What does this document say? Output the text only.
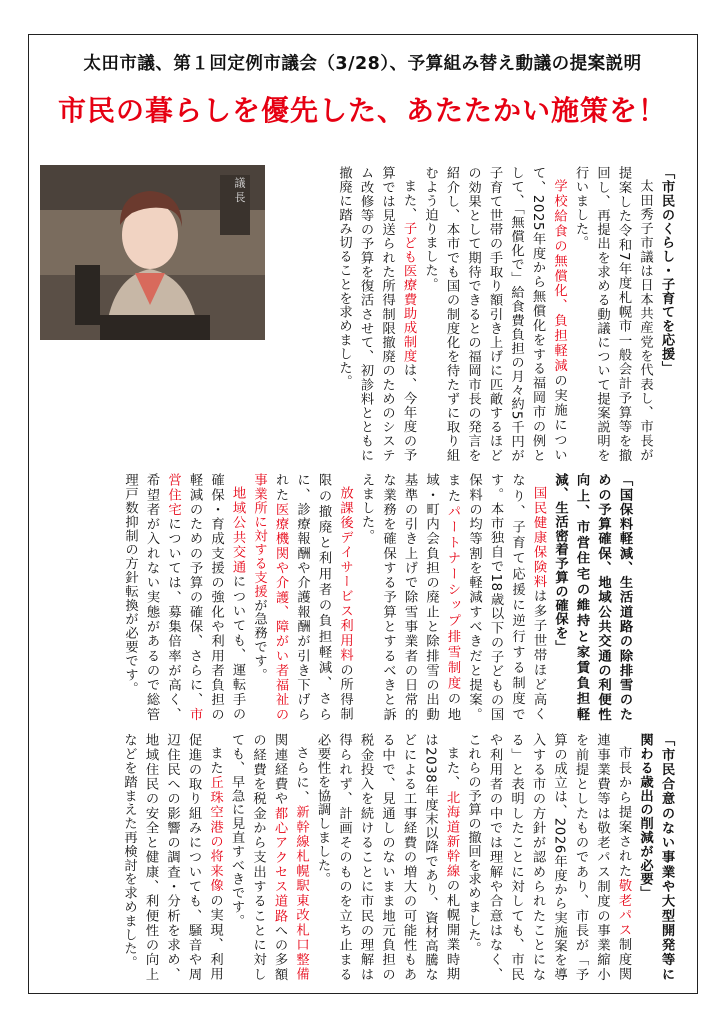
太田市議、第１回定例市議会（3/28）、予算組み替え動議の提案説明
市民の暮らしを優先した、あたたかい施策を！
議 長	「市民のくらし・子育てを応援」

太田秀子市議は日本共産党を代表し、市長が提案した令和7年度札幌市一般会計予算等を撤回し、再提出を求める動議について提案説明を行いました。

学校給食の無償化、負担軽減の実施について、2025年度から無償化をする福岡市の例として、「無償化で」給食費負担の月々約5千円が子育て世帯の手取り額引き上げに匹敵するほどの効果として期待できるとの福岡市長の発言を紹介し、本市でも国の制度化を待たずに取り組むよう迫りました。

また、子ども医療費助成制度は、今年度の予算では見送られた所得制限撤廃のためのシステム改修等の予算を復活させて、初診料とともに撤廃に踏み切ることを求めました。

「国保料軽減、生活道路の除排雪のための予算確保、地域公共交通の利便性向上、市営住宅の維持と家賃負担軽減、生活密着予算の確保を」

国民健康保険料は多子世帯ほど高くなり、子育て応援に逆行する制度です。本市独自で18歳以下の子どもの国保料の均等割を軽減すべきだと提案。またパートナーシップ排雪制度の地域・町内会負担の廃止と除排雪の出動基準の引き上げで除雪事業者の日常的な業務を確保する予算とするべきと訴えました。

放課後デイサービス利用料の所得制限の撤廃と利用者の負担軽減、さらに、診療報酬や介護報酬が引き下げられた医療機関や介護、障がい者福祉の事業所に対する支援が急務です。

地域公共交通についても、運転手の確保・育成支援の強化や利用者負担の軽減のための予算の確保、さらに、市営住宅については、募集倍率が高く、希望者が入れない実態があるので総管理戸数抑制の方針転換が必要です。

「市民合意のない事業や大型開発等に関わる歳出の削減が必要」

市長から提案された敬老パス制度関連事業費等は敬老パス制度の事業縮小を前提としたものであり、市長が「予算の成立は、2026年度から実施案を導入する市の方針が認められたことになる」と表明したことに対しても、市民や利用者の中では理解や合意はなく、これらの予算の撤回を求めました。

また、北海道新幹線の札幌開業時期は2038年度末以降であり、資材高騰などによる工事経費の増大の可能性もある中で、見通しのないまま地元負担の税金投入を続けることに市民の理解は得られず、計画そのものを立ち止まる必要性を協調しました。

さらに、新幹線札幌駅東改札口整備関連経費や都心アクセス道路への多額の経費を税金から支出することに対しても、早急に見直すべきです。

また丘珠空港の将来像の実現、利用促進の取り組みについても、騒音や周辺住民への影響の調査・分析を求め、地域住民の安全と健康、利便性の向上などを踏まえた再検討を求めました。
